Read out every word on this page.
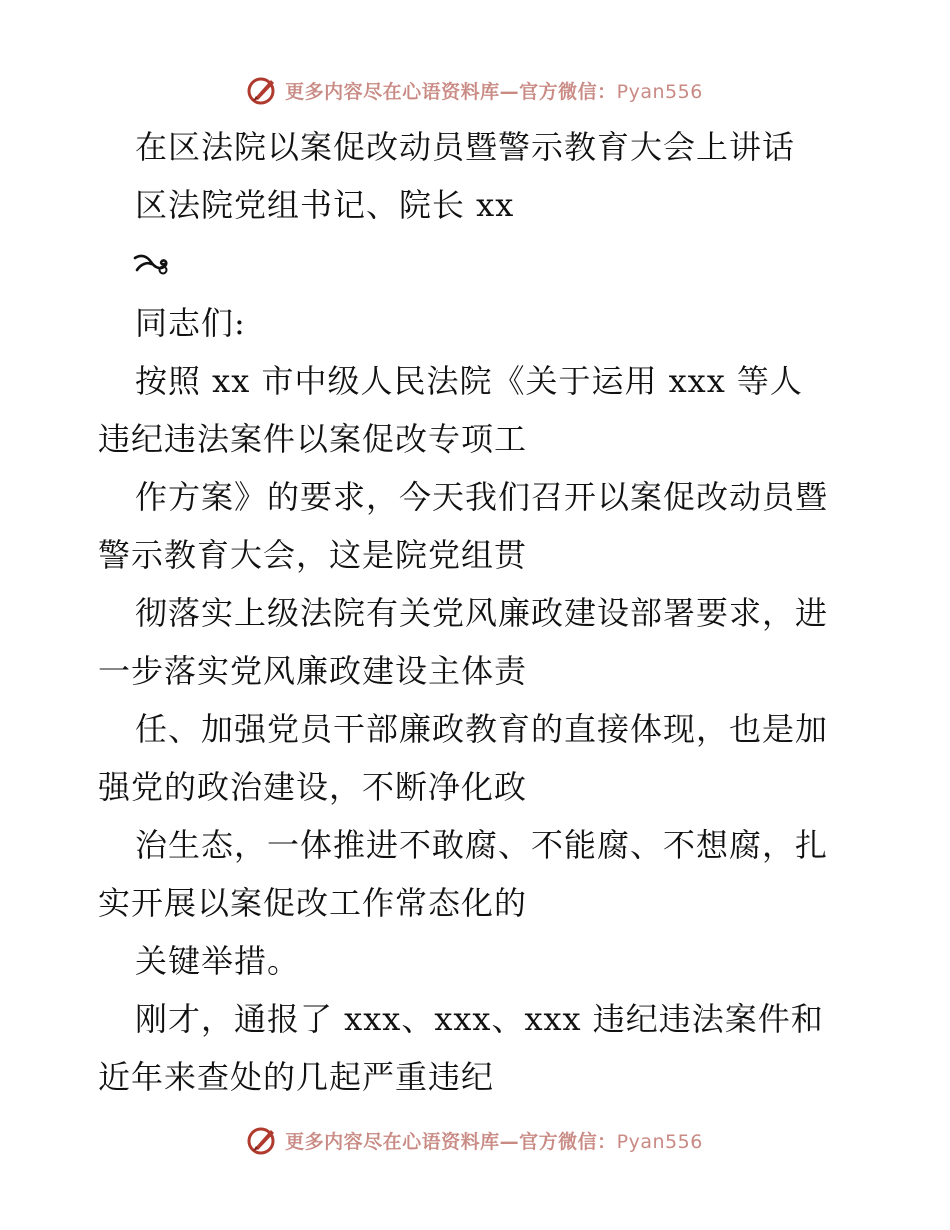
更多内容尽在心语资料库—官方微信：Pyan556
在区法院以案促改动员暨警示教育大会上讲话
区法院党组书记、院长 xx
同志们:
按照 xx 市中级人民法院《关于运用 xxx 等人
违纪违法案件以案促改专项工
作方案》的要求，今天我们召开以案促改动员暨
警示教育大会，这是院党组贯
彻落实上级法院有关党风廉政建设部署要求，进
一步落实党风廉政建设主体责
任、加强党员干部廉政教育的直接体现，也是加
强党的政治建设，不断净化政
治生态，一体推进不敢腐、不能腐、不想腐，扎
实开展以案促改工作常态化的
关键举措。
刚才，通报了 xxx、xxx、xxx 违纪违法案件和
近年来查处的几起严重违纪
更多内容尽在心语资料库—官方微信：Pyan556
